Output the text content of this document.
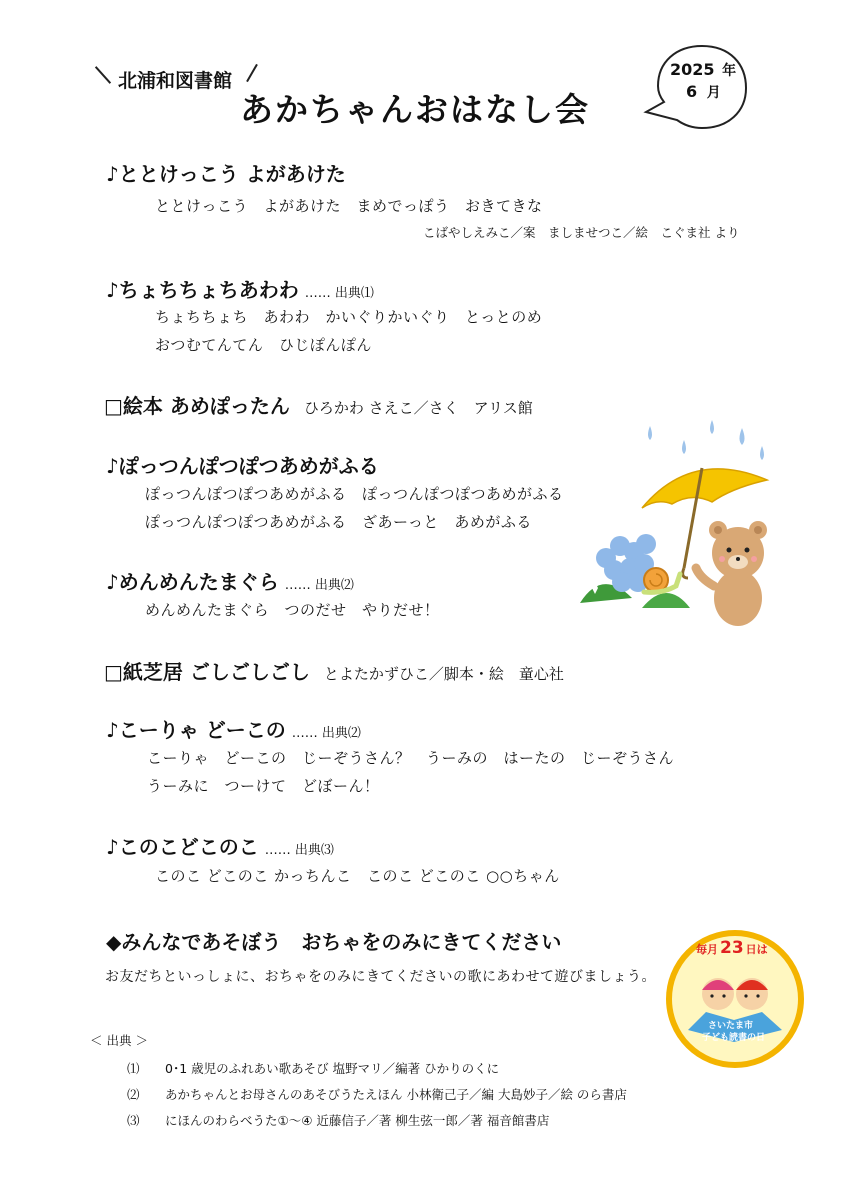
北浦和図書館
あかちゃんおはなし会
2025 年
6 月
♪ととけっこう よがあけた
ととけっこう　よがあけた　まめでっぽう　おきてきな
こばやしえみこ／案　ましませつこ／絵　こぐま社 より
♪ちょちちょちあわわ …… 出典⑴
ちょちちょち　あわわ　かいぐりかいぐり　とっとのめ
おつむてんてん　ひじぽんぽん
□絵本 あめぽったん ひろかわ さえこ／さく　アリス館
♪ぽっつんぽつぽつあめがふる
ぽっつんぽつぽつあめがふる　ぽっつんぽつぽつあめがふる
ぽっつんぽつぽつあめがふる　ざあーっと　あめがふる
♪めんめんたまぐら …… 出典⑵
めんめんたまぐら　つのだせ　やりだせ！
□紙芝居 ごしごしごし とよたかずひこ／脚本・絵　童心社
♪こーりゃ どーこの …… 出典⑵
こーりゃ　どーこの　じーぞうさん？　うーみの　はーたの　じーぞうさん
うーみに　つーけて　どぼーん！
♪このこどこのこ …… 出典⑶
このこ どこのこ かっちんこ　このこ どこのこ ○○ちゃん
◆みんなであそぼう　おちゃをのみにきてください
お友だちといっしょに、おちゃをのみにきてくださいの歌にあわせて遊びましょう。
＜ 出典 ＞
⑴ 0･1 歳児のふれあい歌あそび 塩野マリ／編著 ひかりのくに
⑵ あかちゃんとお母さんのあそびうたえほん 小林衛己子／編 大島妙子／絵 のら書店
⑶ にほんのわらべうた①～④ 近藤信子／著 柳生弦一郎／著 福音館書店
毎月 23 日は
さいたま市
子ども読書の日
